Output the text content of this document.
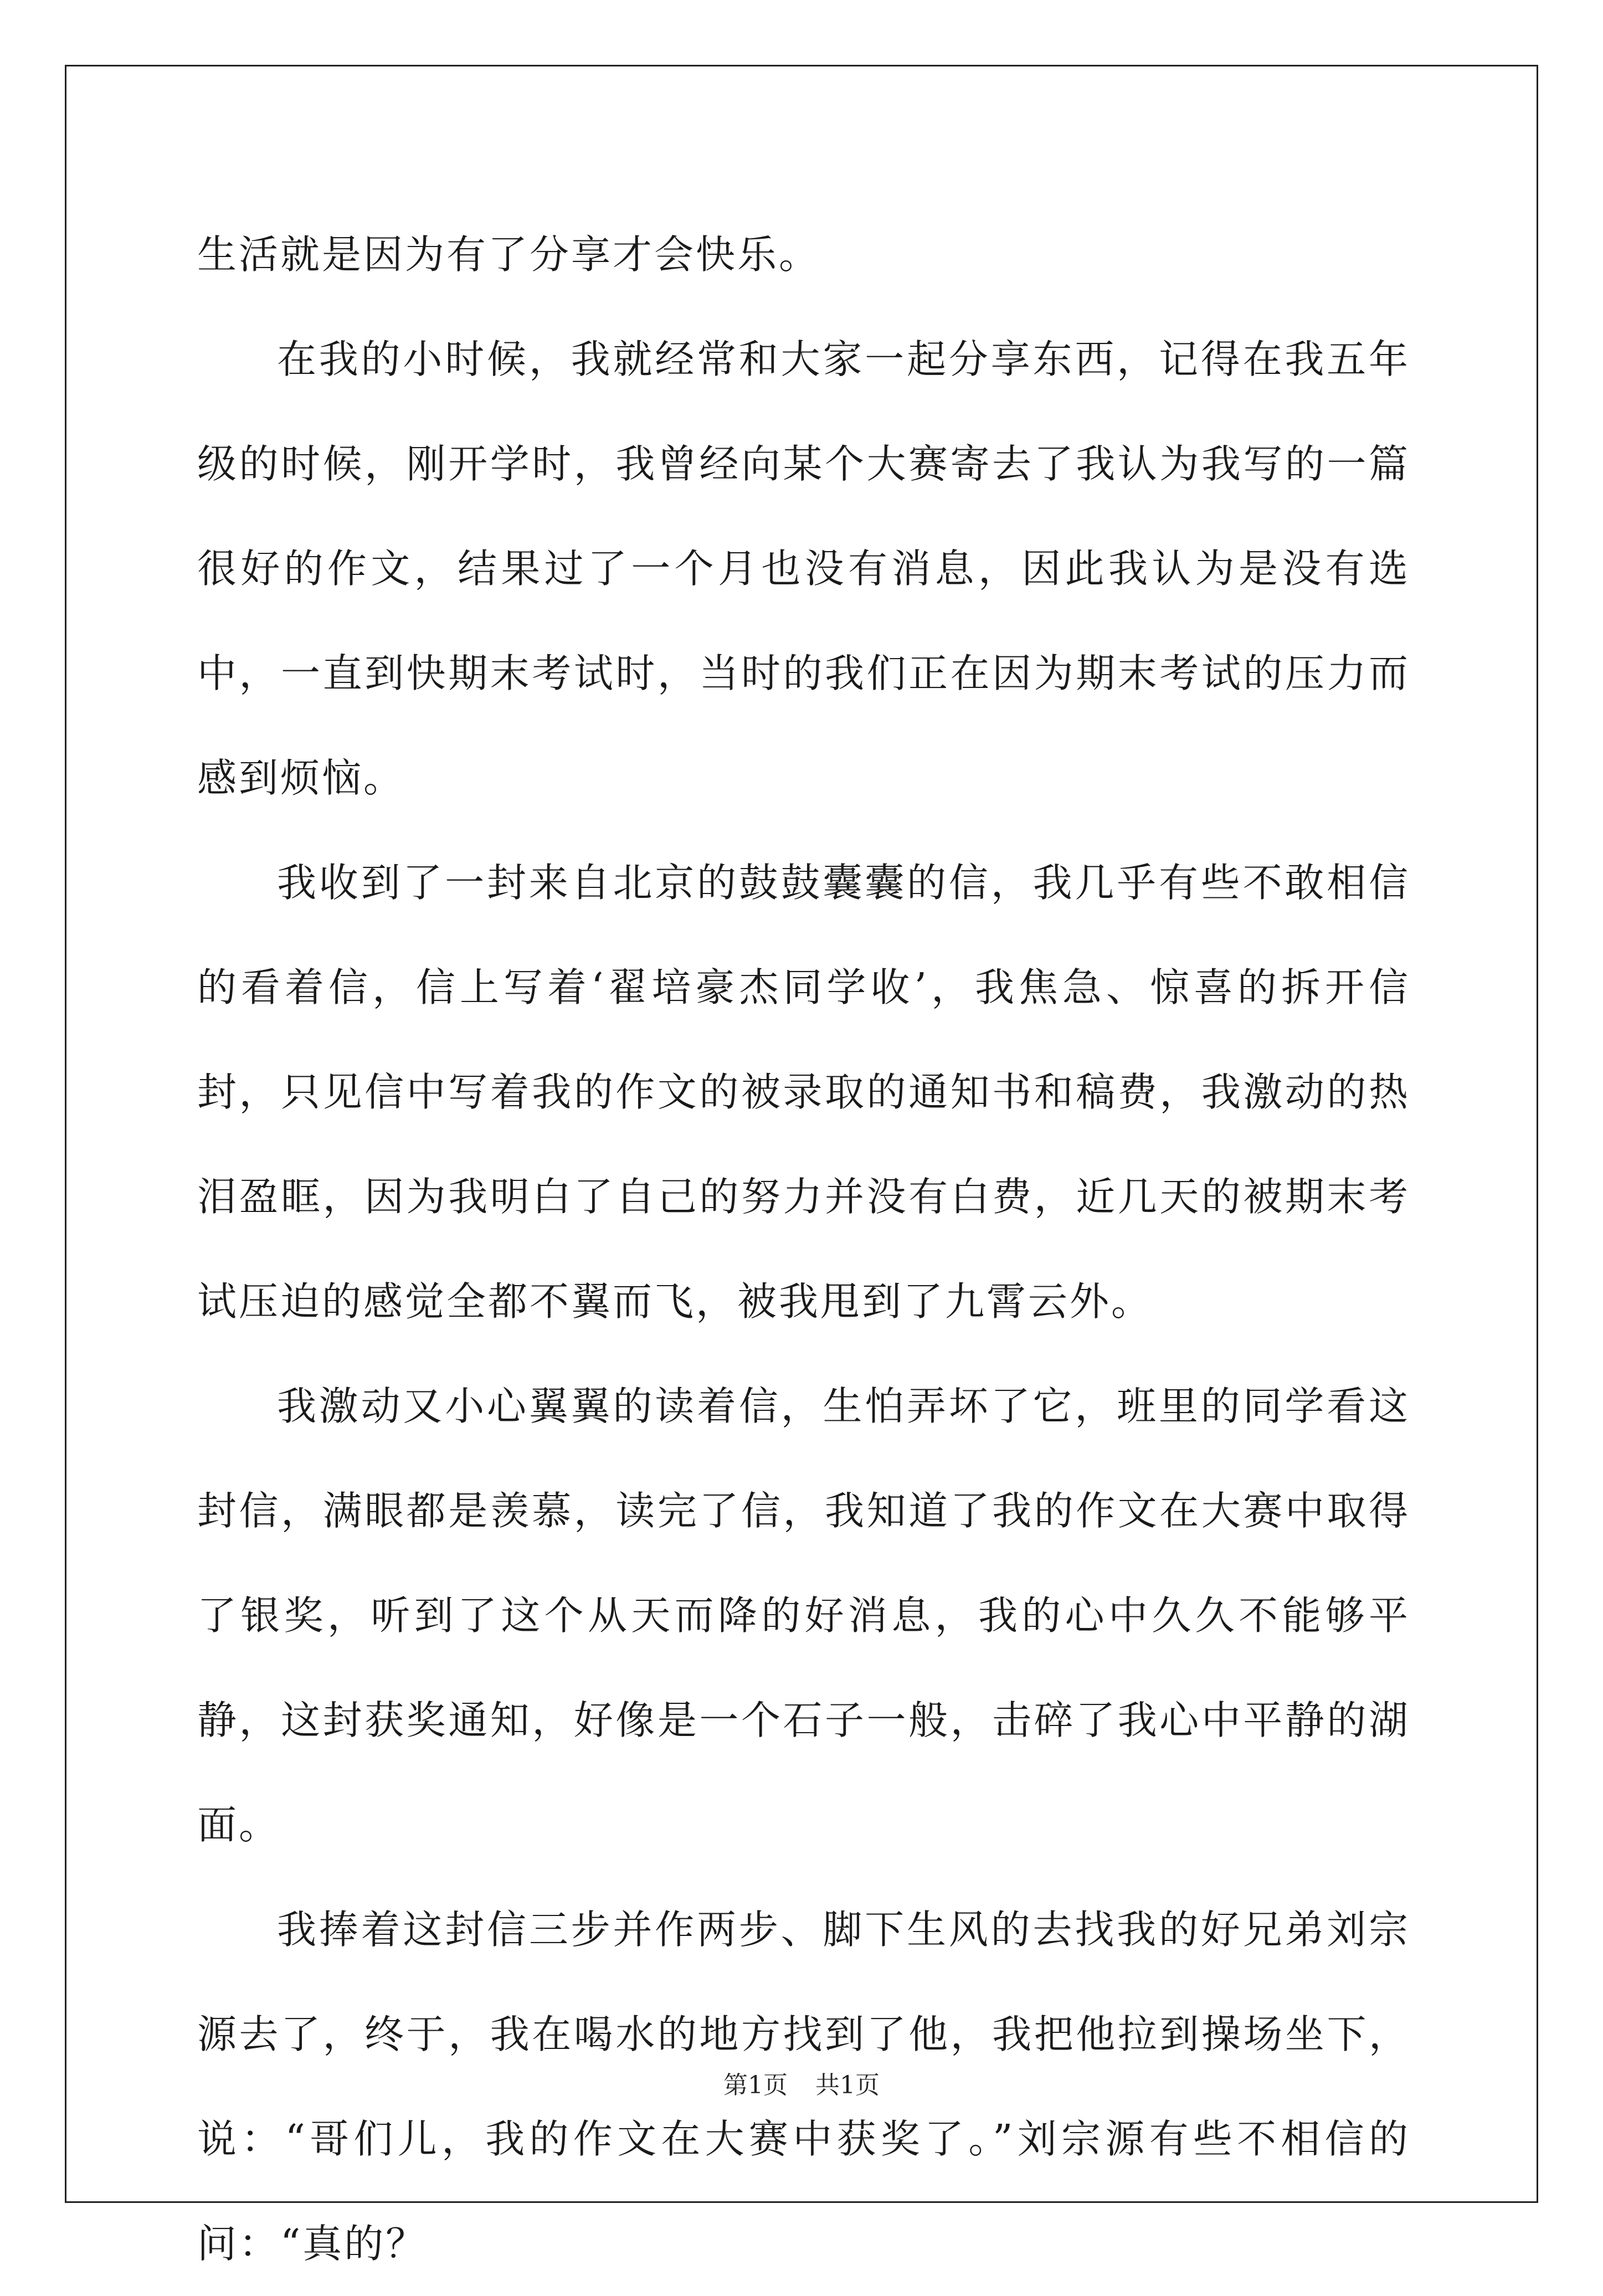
生活就是因为有了分享才会快乐。

在我的小时候，我就经常和大家一起分享东西，记得在我五年级的时候，刚开学时，我曾经向某个大赛寄去了我认为我写的一篇很好的作文，结果过了一个月也没有消息，因此我认为是没有选中，一直到快期末考试时，当时的我们正在因为期末考试的压力而感到烦恼。

我收到了一封来自北京的鼓鼓囊囊的信，我几乎有些不敢相信的看着信，信上写着‘翟培豪杰同学收’，我焦急、惊喜的拆开信封，只见信中写着我的作文的被录取的通知书和稿费，我激动的热泪盈眶，因为我明白了自己的努力并没有白费，近几天的被期末考试压迫的感觉全都不翼而飞，被我甩到了九霄云外。

我激动又小心翼翼的读着信，生怕弄坏了它，班里的同学看这封信，满眼都是羡慕，读完了信，我知道了我的作文在大赛中取得了银奖，听到了这个从天而降的好消息，我的心中久久不能够平静，这封获奖通知，好像是一个石子一般，击碎了我心中平静的湖面。

我捧着这封信三步并作两步、脚下生风的去找我的好兄弟刘宗源去了，终于，我在喝水的地方找到了他，我把他拉到操场坐下，说：“哥们儿，我的作文在大赛中获奖了。”刘宗源有些不相信的问：“真的？

第1页 共1页
